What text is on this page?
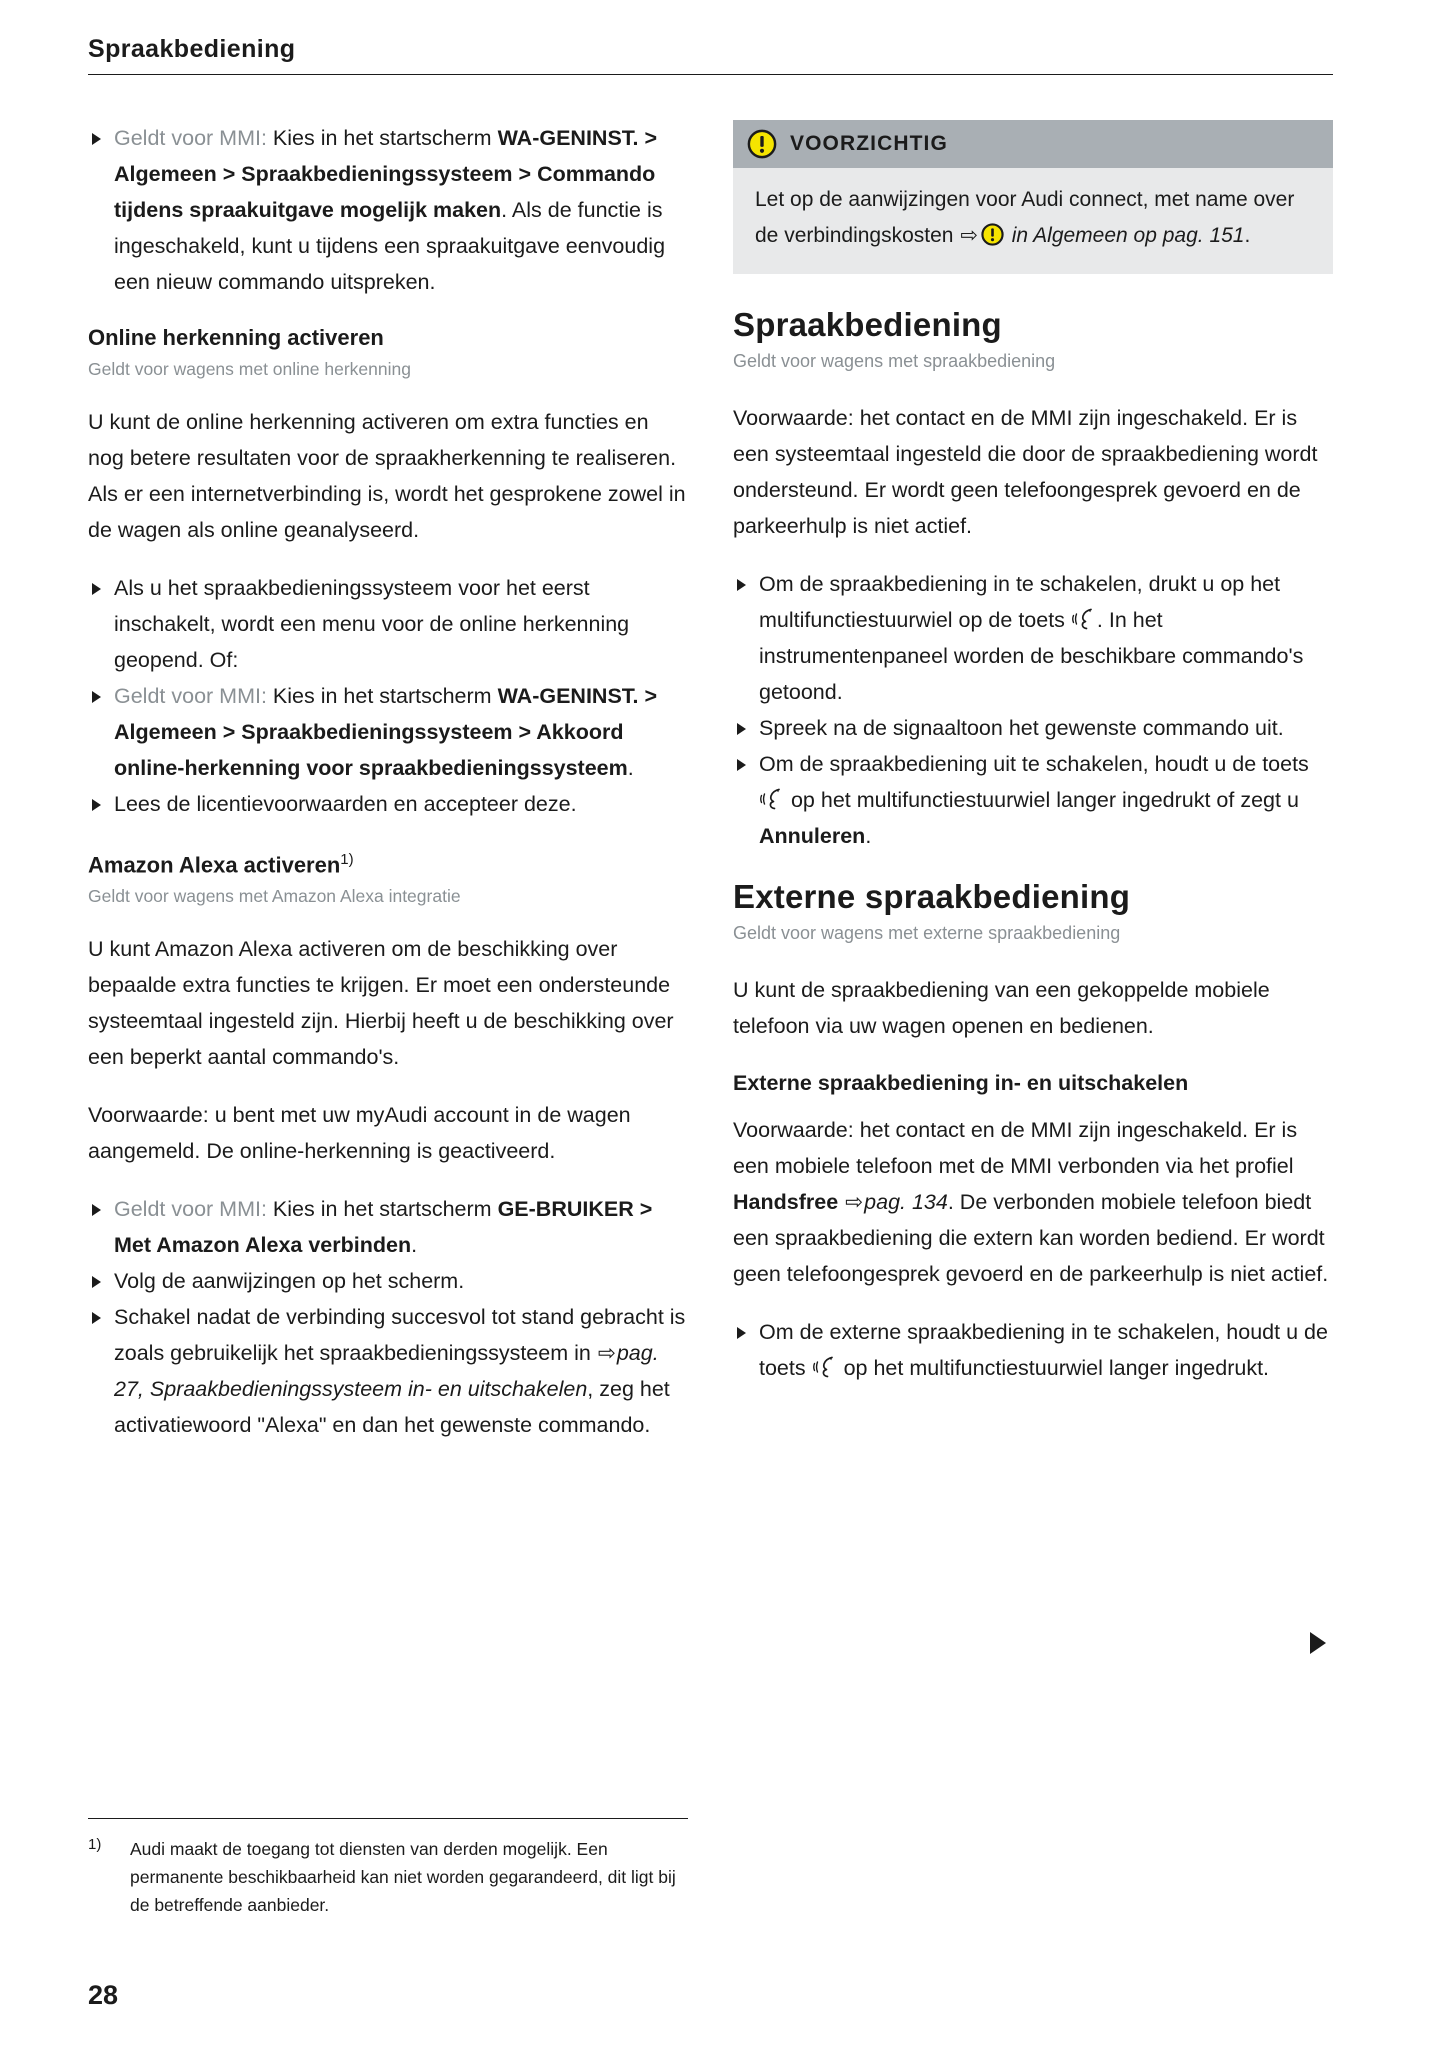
Spraakbediening
Geldt voor MMI: Kies in het startscherm WA-GENINST. > Algemeen > Spraakbedieningssysteem > Commando tijdens spraakuitgave mogelijk maken. Als de functie is ingeschakeld, kunt u tijdens een spraakuitgave eenvoudig een nieuw commando uitspreken.
Online herkenning activeren
Geldt voor wagens met online herkenning

U kunt de online herkenning activeren om extra functies en nog betere resultaten voor de spraakherkenning te realiseren. Als er een internetverbinding is, wordt het gesprokene zowel in de wagen als online geanalyseerd.

Als u het spraakbedieningssysteem voor het eerst inschakelt, wordt een menu voor de online herkenning geopend. Of:
Geldt voor MMI: Kies in het startscherm WA-GENINST. > Algemeen > Spraakbedieningssysteem > Akkoord online-herkenning voor spraakbedieningssysteem.
Lees de licentievoorwaarden en accepteer deze.
Amazon Alexa activeren$^{1)}$
Geldt voor wagens met Amazon Alexa integratie

U kunt Amazon Alexa activeren om de beschikking over bepaalde extra functies te krijgen. Er moet een ondersteunde systeemtaal ingesteld zijn. Hierbij heeft u de beschikking over een beperkt aantal commando's.

Voorwaarde: u bent met uw myAudi account in de wagen aangemeld. De online-herkenning is geactiveerd.

Geldt voor MMI: Kies in het startscherm GE-BRUIKER > Met Amazon Alexa verbinden.
Volg de aanwijzingen op het scherm.
Schakel nadat de verbinding succesvol tot stand gebracht is zoals gebruikelijk het spraakbedieningssysteem in ⇨pag. 27, Spraakbedieningssysteem in- en uitschakelen, zeg het activatiewoord "Alexa" en dan het gewenste commando.
VOORZICHTIG
Let op de aanwijzingen voor Audi connect, met name over de verbindingskosten ⇨ in Algemeen op pag. 151.
Spraakbediening
Geldt voor wagens met spraakbediening

Voorwaarde: het contact en de MMI zijn ingeschakeld. Er is een systeemtaal ingesteld die door de spraakbediening wordt ondersteund. Er wordt geen telefoongesprek gevoerd en de parkeerhulp is niet actief.

Om de spraakbediening in te schakelen, drukt u op het multifunctiestuurwiel op de toets . In het instrumentenpaneel worden de beschikbare commando's getoond.
Spreek na de signaaltoon het gewenste commando uit.
Om de spraakbediening uit te schakelen, houdt u de toets  op het multifunctiestuurwiel langer ingedrukt of zegt u Annuleren.
Externe spraakbediening
Geldt voor wagens met externe spraakbediening

U kunt de spraakbediening van een gekoppelde mobiele telefoon via uw wagen openen en bedienen.

Externe spraakbediening in- en uitschakelen

Voorwaarde: het contact en de MMI zijn ingeschakeld. Er is een mobiele telefoon met de MMI verbonden via het profiel Handsfree ⇨pag. 134. De verbonden mobiele telefoon biedt een spraakbediening die extern kan worden bediend. Er wordt geen telefoongesprek gevoerd en de parkeerhulp is niet actief.

Om de externe spraakbediening in te schakelen, houdt u de toets  op het multifunctiestuurwiel langer ingedrukt.
1) Audi maakt de toegang tot diensten van derden mogelijk. Een permanente beschikbaarheid kan niet worden gegarandeerd, dit ligt bij de betreffende aanbieder.
28
